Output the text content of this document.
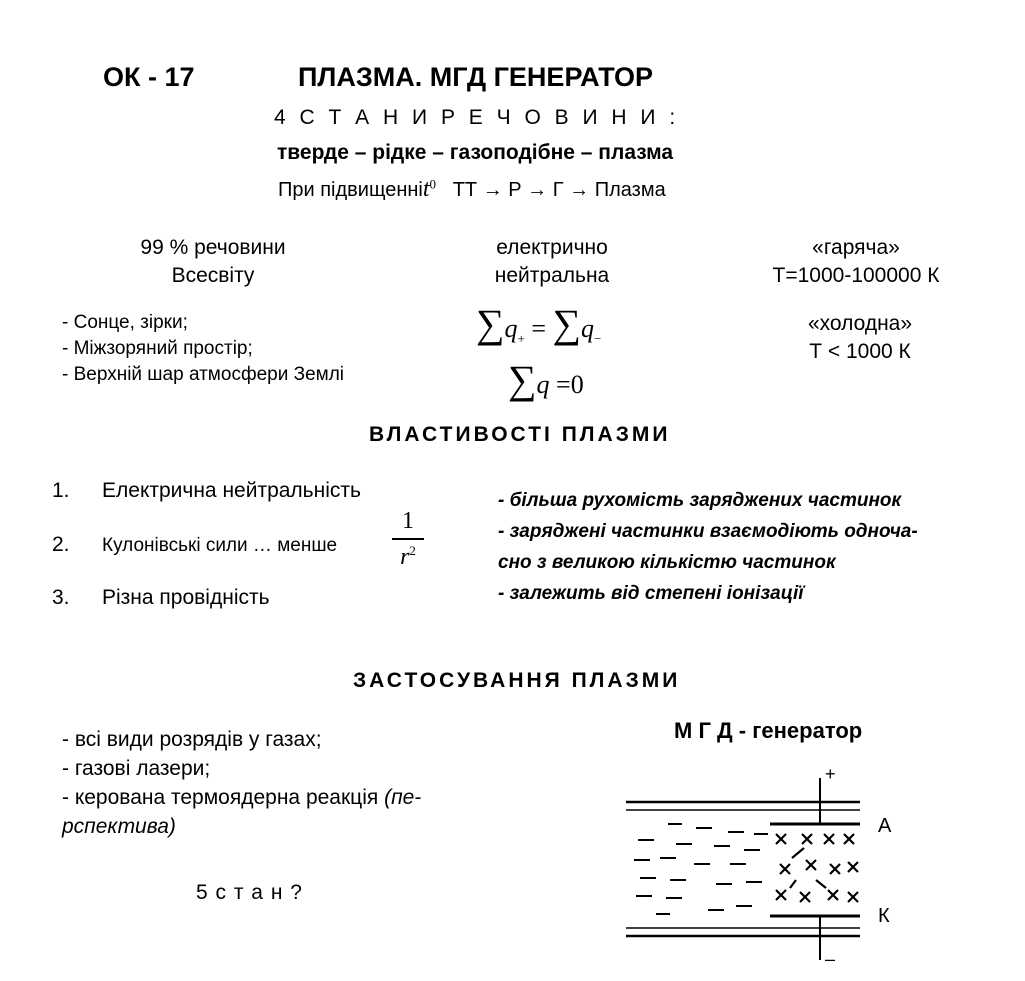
ОК - 17	ПЛАЗМА. МГД ГЕНЕРАТОР
4 С Т А Н И Р Е Ч О В И Н И :
тверде – рідке – газоподібне – плазма
При підвищенніt$^0$ ТТ → Р → Г → Плазма
99 % речовини
Всесвіту
- Сонце, зірки;
- Міжзоряний простір;
- Верхній шар атмосфери Землі
електрично
нейтральна
$\sum q_+ = \sum q_-$
∑q =0
«гаряча»
Т=1000-100000 К
«холодна»
Т < 1000 К
ВЛАСТИВОСТІ ПЛАЗМИ
1. Електрична нейтральність
2. Кулонівські сили … менше
1
$r^2$
3. Різна провідність
- більша рухомість заряджених частинок
- заряджені частинки взаємодіють одноча-
сно з великою кількістю частинок
- залежить від степені іонізації
ЗАСТОСУВАННЯ ПЛАЗМИ
- всі види розрядів у газах;
- газові лазери;
- керована термоядерна реакція (пе-
рспектива)
5 с т а н ?
М Г Д - генератор
+
–
А
К
